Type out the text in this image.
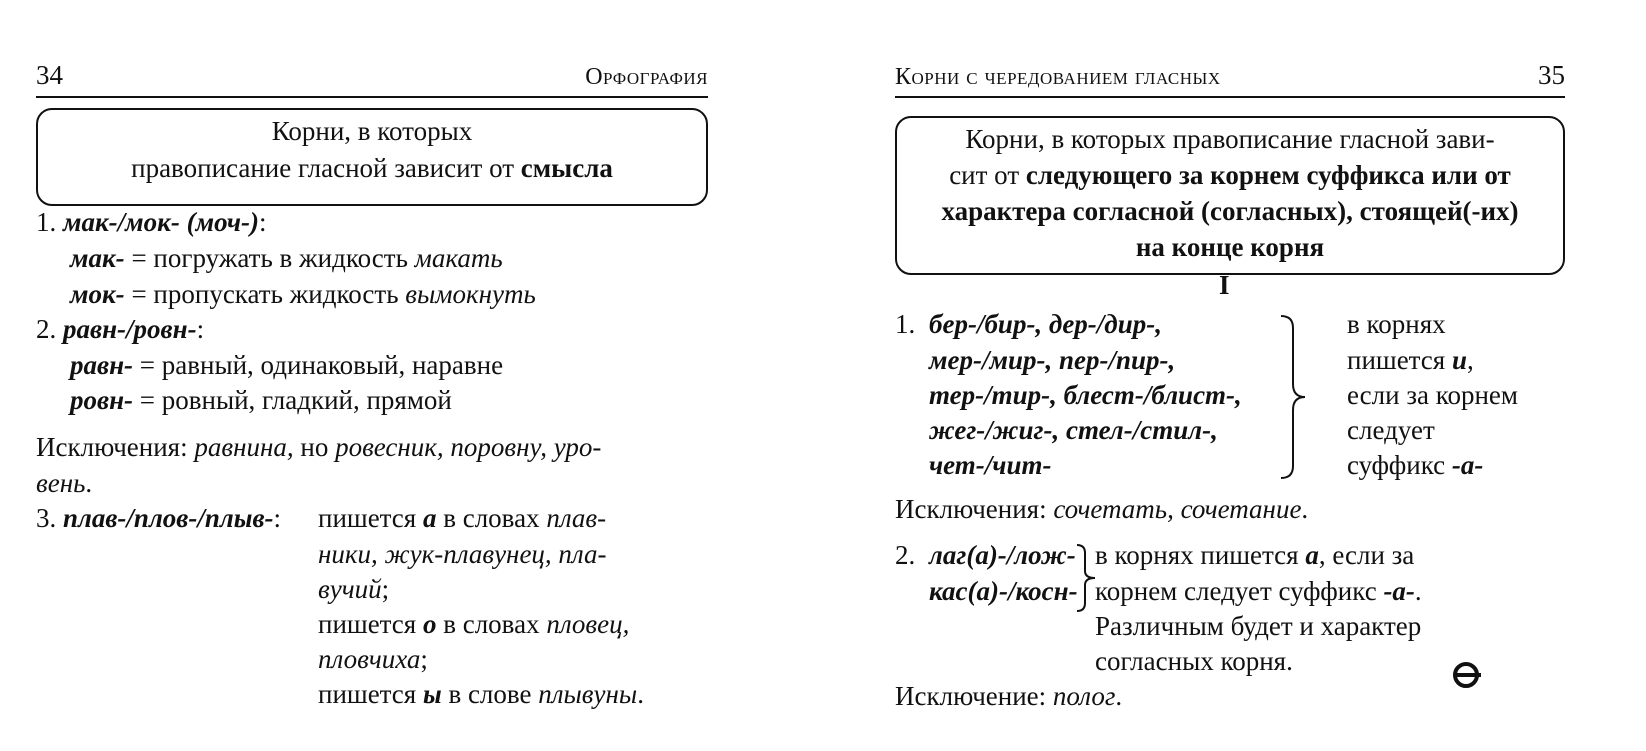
34	Орфография
Корни, в которых
правописание гласной зависит от смысла
1. мак-/мок- (моч-):
мак- = погружать в жидкость макать
мок- = пропускать жидкость вымокнуть
2. равн-/ровн-:
равн- = равный, одинаковый, наравне
ровн- = ровный, гладкий, прямой
Исключения: равнина, но ровесник, поровну, уро-
вень.
3. плав-/плов-/плыв-: пишется а в словах плав-
ники, жук-плавунец, пла-
вучий;
пишется о в словах пловец,
пловчиха;
пишется ы в слове плывуны.
Корни с чередованием гласных	35
Корни, в которых правописание гласной зави-
сит от следующего за корнем суффикса или от
характера согласной (согласных), стоящей(-их)
на конце корня
I
1. бер-/бир-, дер-/дир-,
мер-/мир-, пер-/пир-,
тер-/тир-, блест-/блист-,
жег-/жиг-, стел-/стил-,
чет-/чит-
в корнях
пишется и,
если за корнем
следует
суффикс -а-
Исключения: сочетать, сочетание.
2. лаг(а)-/лож-
кас(а)-/косн-
в корнях пишется а, если за
корнем следует суффикс -а-.
Различным будет и характер
согласных корня.
Исключение: полог.
